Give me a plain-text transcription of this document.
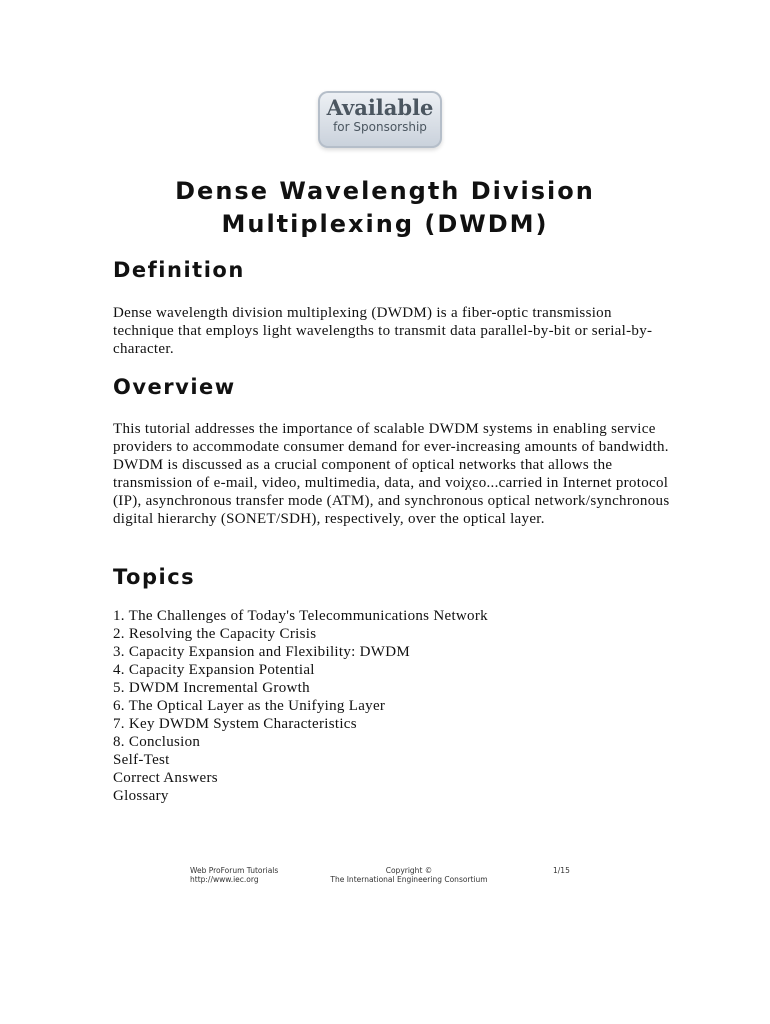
Available
for Sponsorship
Dense Wavelength Division
Multiplexing (DWDM)
Definition

Dense wavelength division multiplexing (DWDM) is a fiber-optic transmission technique that employs light wavelengths to transmit data parallel-by-bit or serial-by-character.

Overview

This tutorial addresses the importance of scalable DWDM systems in enabling service providers to accommodate consumer demand for ever-increasing amounts of bandwidth. DWDM is discussed as a crucial component of optical networks that allows the transmission of e-mail, video, multimedia, data, and voiχεo...carried in Internet protocol (IP), asynchronous transfer mode (ATM), and synchronous optical network/synchronous digital hierarchy (SONET/SDH), respectively, over the optical layer.

Topics
1. The Challenges of Today's Telecommunications Network
2. Resolving the Capacity Crisis
3. Capacity Expansion and Flexibility: DWDM
4. Capacity Expansion Potential
5. DWDM Incremental Growth
6. The Optical Layer as the Unifying Layer
7. Key DWDM System Characteristics
8. Conclusion
Self-Test
Correct Answers
Glossary
Web ProForum Tutorials
http://www.iec.org
Copyright ©
The International Engineering Consortium
1/15
